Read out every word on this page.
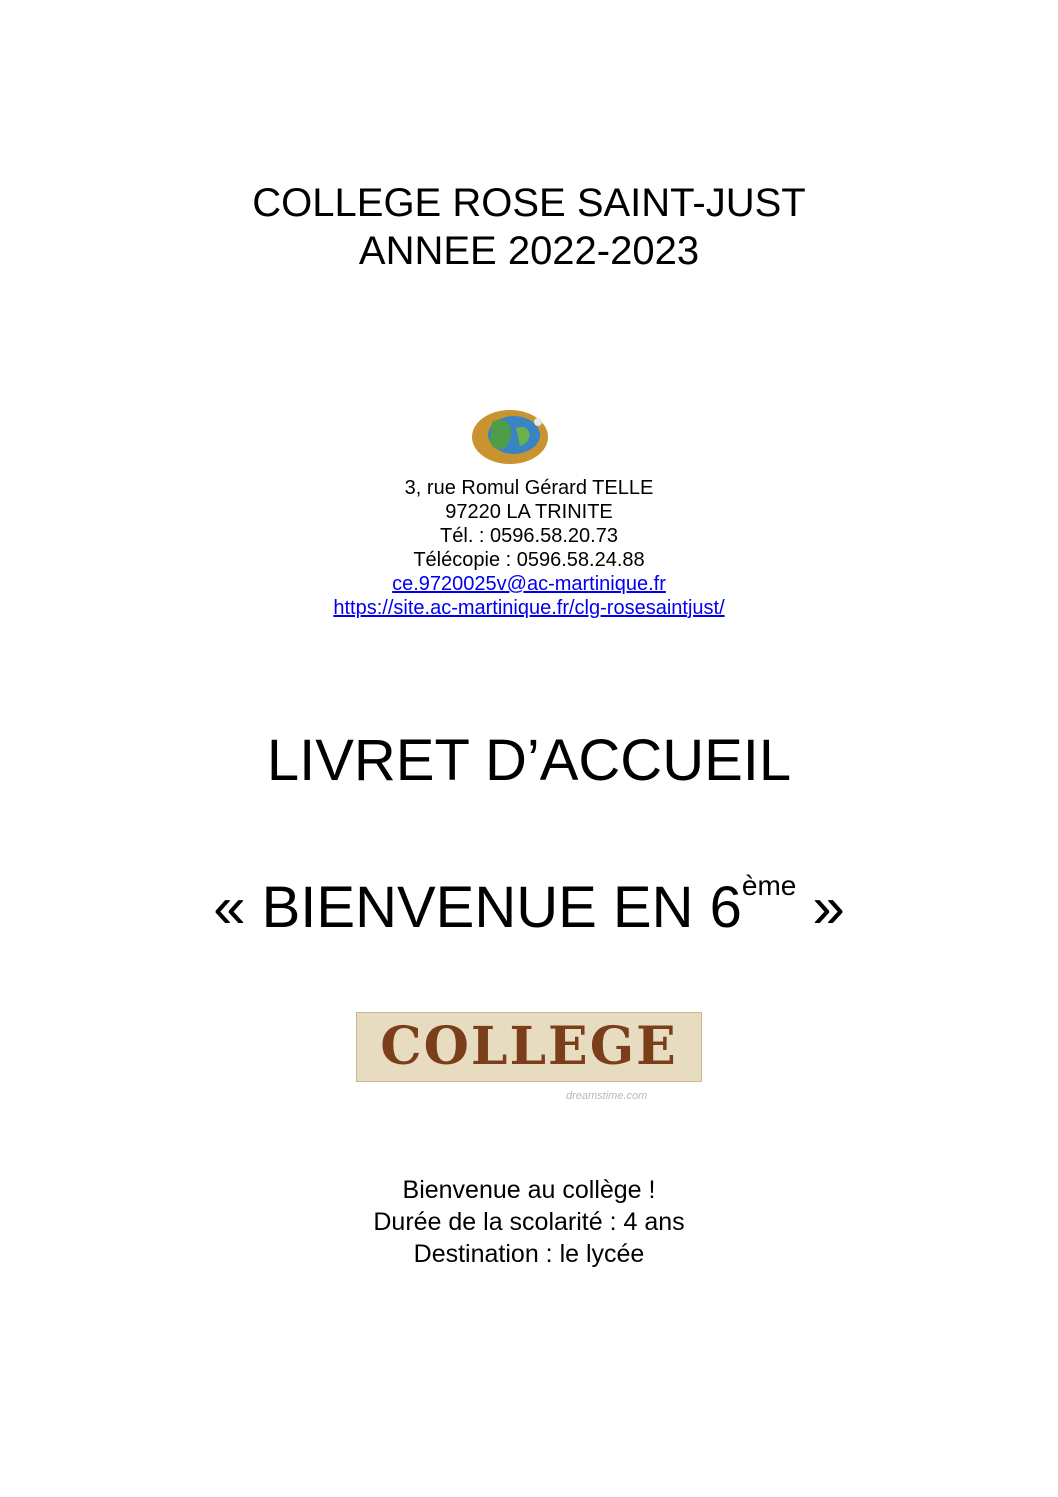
COLLEGE ROSE SAINT-JUST
ANNEE 2022-2023
3, rue Romul Gérard TELLE
97220 LA TRINITE
Tél. : 0596.58.20.73
Télécopie : 0596.58.24.88
ce.9720025v@ac-martinique.fr
https://site.ac-martinique.fr/clg-rosesaintjust/
LIVRET D’ACCUEIL
« BIENVENUE EN 6ème »
COLLEGE
dreamstime.com
Bienvenue au collège !
Durée de la scolarité : 4 ans
Destination : le lycée
